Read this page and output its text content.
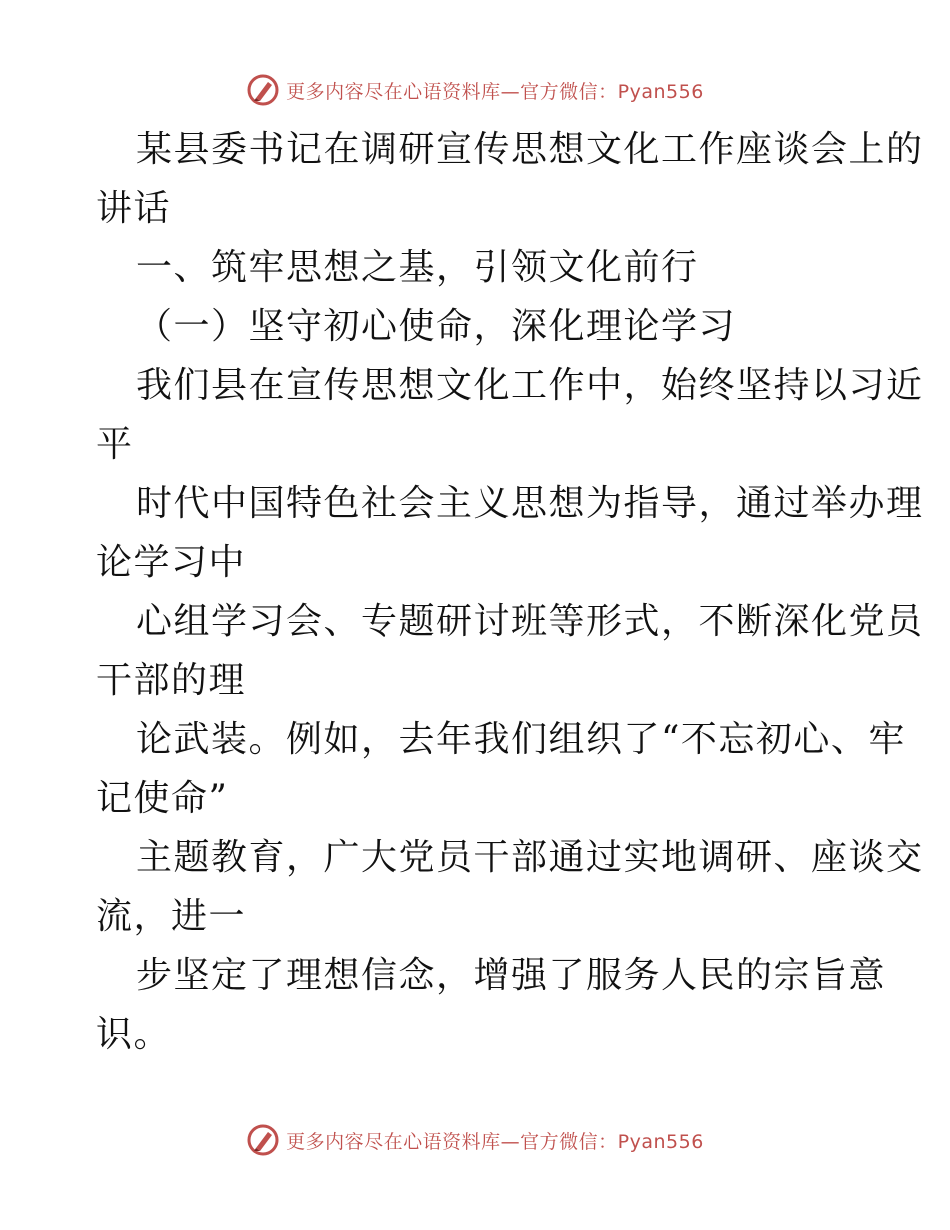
更多内容尽在心语资料库—官方微信：Pyan556
某县委书记在调研宣传思想文化工作座谈会上的
讲话
一、筑牢思想之基，引领文化前行
（一）坚守初心使命，深化理论学习
我们县在宣传思想文化工作中，始终坚持以习近
平
时代中国特色社会主义思想为指导，通过举办理
论学习中
心组学习会、专题研讨班等形式，不断深化党员
干部的理
论武装。例如，去年我们组织了“不忘初心、牢
记使命”
主题教育，广大党员干部通过实地调研、座谈交
流，进一
步坚定了理想信念，增强了服务人民的宗旨意
识。
更多内容尽在心语资料库—官方微信：Pyan556
